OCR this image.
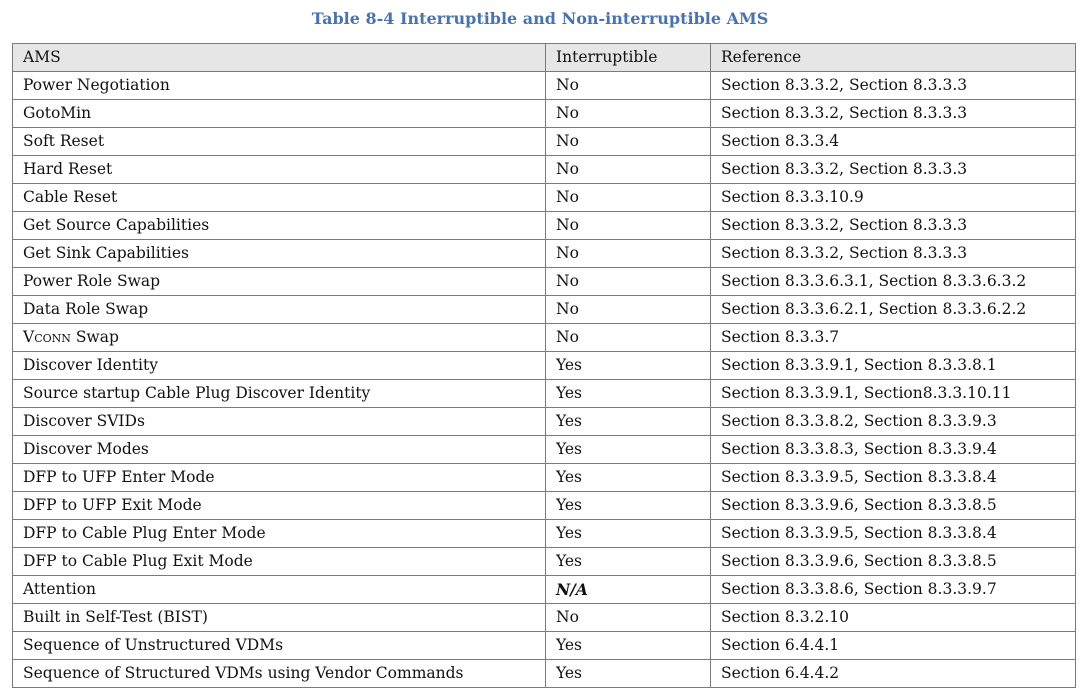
Table 8-4 Interruptible and Non-interruptible AMS
AMS	Interruptible	Reference
Power Negotiation	No	Section 8.3.3.2, Section 8.3.3.3
GotoMin	No	Section 8.3.3.2, Section 8.3.3.3
Soft Reset	No	Section 8.3.3.4
Hard Reset	No	Section 8.3.3.2, Section 8.3.3.3
Cable Reset	No	Section 8.3.3.10.9
Get Source Capabilities	No	Section 8.3.3.2, Section 8.3.3.3
Get Sink Capabilities	No	Section 8.3.3.2, Section 8.3.3.3
Power Role Swap	No	Section 8.3.3.6.3.1, Section 8.3.3.6.3.2
Data Role Swap	No	Section 8.3.3.6.2.1, Section 8.3.3.6.2.2
Vconn Swap	No	Section 8.3.3.7
Discover Identity	Yes	Section 8.3.3.9.1, Section 8.3.3.8.1
Source startup Cable Plug Discover Identity	Yes	Section 8.3.3.9.1, Section8.3.3.10.11
Discover SVIDs	Yes	Section 8.3.3.8.2, Section 8.3.3.9.3
Discover Modes	Yes	Section 8.3.3.8.3, Section 8.3.3.9.4
DFP to UFP Enter Mode	Yes	Section 8.3.3.9.5, Section 8.3.3.8.4
DFP to UFP Exit Mode	Yes	Section 8.3.3.9.6, Section 8.3.3.8.5
DFP to Cable Plug Enter Mode	Yes	Section 8.3.3.9.5, Section 8.3.3.8.4
DFP to Cable Plug Exit Mode	Yes	Section 8.3.3.9.6, Section 8.3.3.8.5
Attention	N/A	Section 8.3.3.8.6, Section 8.3.3.9.7
Built in Self-Test (BIST)	No	Section 8.3.2.10
Sequence of Unstructured VDMs	Yes	Section 6.4.4.1
Sequence of Structured VDMs using Vendor Commands	Yes	Section 6.4.4.2
